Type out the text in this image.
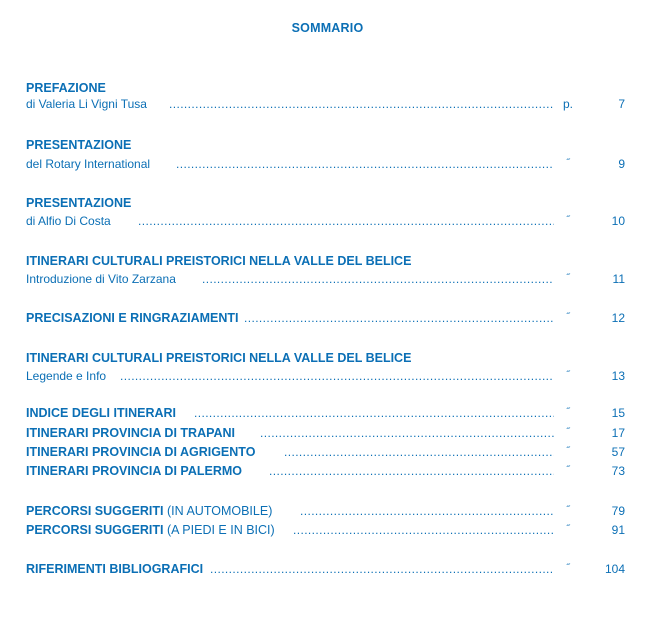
SOMMARIO
PREFAZIONE
di Valeria Li Vigni Tusa .....	p.	7
PRESENTAZIONE
del Rotary International .....	˝	9
PRESENTAZIONE
di Alfio Di Costa .....	˝	10
ITINERARI CULTURALI PREISTORICI NELLA VALLE DEL BELICE
Introduzione di Vito Zarzana .....	˝	11
PRECISAZIONI E RINGRAZIAMENTI .....	˝	12
ITINERARI CULTURALI PREISTORICI NELLA VALLE DEL BELICE
Legende e Info .....	˝	13
INDICE DEGLI ITINERARI .....	˝	15
ITINERARI PROVINCIA DI TRAPANI .....	˝	17
ITINERARI PROVINCIA DI AGRIGENTO .....	˝	57
ITINERARI PROVINCIA DI PALERMO .....	˝	73
PERCORSI SUGGERITI (IN AUTOMOBILE) .....	˝	79
PERCORSI SUGGERITI (A PIEDI E IN BICI) .....	˝	91
RIFERIMENTI BIBLIOGRAFICI .....	˝	104
